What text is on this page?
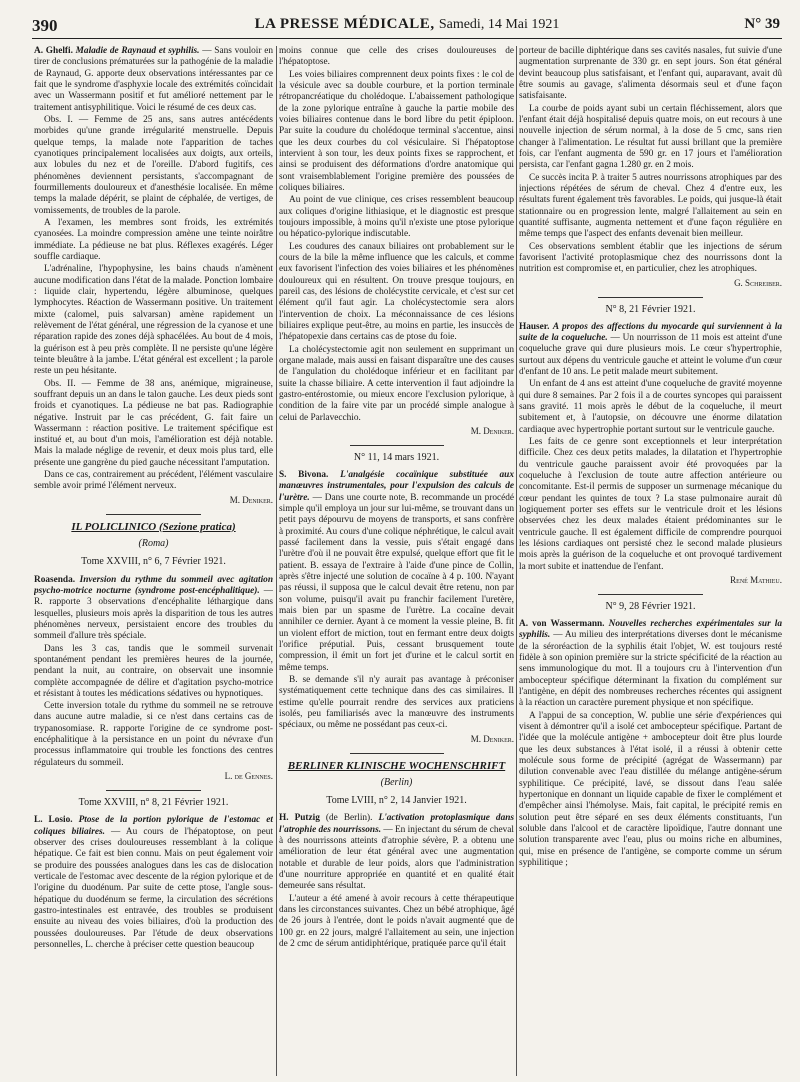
390	LA PRESSE MÉDICALE, Samedi, 14 Mai 1921	N° 39

A. Ghelfi. Maladie de Raynaud et syphilis. — Sans vouloir en tirer de conclusions prématurées sur la pathogénie de la maladie de Raynaud, G. apporte deux observations intéressantes par ce fait que le syndrome d'asphyxie locale des extrémités coïncidait avec un Wassermann positif et fut amélioré nettement par le traitement antisyphilitique. Voici le résumé de ces deux cas.

Obs. I. — Femme de 25 ans, sans autres antécédents morbides qu'une grande irrégularité menstruelle. Depuis quelque temps, la malade note l'apparition de taches cyanotiques principalement localisées aux doigts, aux orteils, aux lobules du nez et de l'oreille. D'abord fugitifs, ces phénomènes deviennent persistants, s'accompagnant de fourmillements douloureux et d'anesthésie localisée. En même temps la malade dépérit, se plaint de céphalée, de vertiges, de vomissements, de troubles de la parole.

A l'examen, les membres sont froids, les extrémités cyanosées. La moindre compression amène une teinte noirâtre immédiate. La pédieuse ne bat plus. Réflexes exagérés. Léger souffle cardiaque.

L'adrénaline, l'hypophysine, les bains chauds n'amènent aucune modification dans l'état de la malade. Ponction lombaire : liquide clair, hypertendu, légère albuminose, quelques lymphocytes. Réaction de Wassermann positive. Un traitement mixte (calomel, puis salvarsan) amène rapidement un relèvement de l'état général, une régression de la cyanose et une réparation rapide des zones déjà sphacélées. Au bout de 4 mois, la guérison est à peu près complète. Il ne persiste qu'une légère teinte bleuâtre à la jambe. L'état général est excellent ; la parole reste un peu hésitante.

Obs. II. — Femme de 38 ans, anémique, migraineuse, souffrant depuis un an dans le talon gauche. Les deux pieds sont froids et cyanotiques. La pédieuse ne bat pas. Radiographie négative. Instruit par le cas précédent, G. fait faire un Wassermann : réaction positive. Le traitement spécifique est institué et, au bout d'un mois, l'amélioration est déjà notable. Mais la malade néglige de revenir, et deux mois plus tard, elle présente une gangrène du pied gauche nécessitant l'amputation.

Dans ce cas, contrairement au précédent, l'élément vasculaire semble avoir primé l'élément nerveux.

M. Deniker.
IL POLICLINICO (Sezione pratica)
(Roma)
Tome XXVIII, n° 6, 7 Février 1921.

Roasenda. Inversion du rythme du sommeil avec agitation psycho-motrice nocturne (syndrome post-encéphalitique). — R. rapporte 3 observations d'encéphalite léthargique dans lesquelles, plusieurs mois après la disparition de tous les autres phénomènes nerveux, persistaient encore des troubles du sommeil d'allure très spéciale.

Dans les 3 cas, tandis que le sommeil survenait spontanément pendant les premières heures de la journée, pendant la nuit, au contraire, on observait une insomnie complète accompagnée de délire et d'agitation psycho-motrice et résistant à toutes les médications sédatives ou hypnotiques.

Cette inversion totale du rythme du sommeil ne se retrouve dans aucune autre maladie, si ce n'est dans certains cas de trypanosomiase. R. rapporte l'origine de ce syndrome post-encéphalitique à la persistance en un point du névraxe d'un processus inflammatoire qui trouble les fonctions des centres régulateurs du sommeil.

L. de Gennes.
Tome XXVIII, n° 8, 21 Février 1921.

L. Losio. Ptose de la portion pylorique de l'estomac et coliques biliaires. — Au cours de l'hépatoptose, on peut observer des crises douloureuses ressemblant à la colique hépatique. Ce fait est bien connu. Mais on peut également voir se produire des poussées analogues dans les cas de dislocation verticale de l'estomac avec descente de la région pylorique et de l'origine du duodénum. Par suite de cette ptose, l'angle sous-hépatique du duodénum se ferme, la circulation des sécrétions gastro-intestinales est entravée, des troubles se produisent ensuite au niveau des voies biliaires, d'où la production des poussées douloureuses. Par l'étude de deux observations personnelles, L. cherche à préciser cette question beaucoup

moins connue que celle des crises douloureuses de l'hépatoptose.

Les voies biliaires comprennent deux points fixes : le col de la vésicule avec sa double courbure, et la portion terminale rétropancréatique du cholédoque. L'abaissement pathologique de la zone pylorique entraîne à gauche la partie mobile des voies biliaires contenue dans le bord libre du petit épiploon. Par suite la coudure du cholédoque terminal s'accentue, ainsi que les deux courbes du col vésiculaire. Si l'hépatoptose intervient à son tour, les deux points fixes se rapprochent, et ainsi se produisent des déformations d'ordre anatomique qui sont vraisemblablement l'origine première des poussées de coliques biliaires.

Au point de vue clinique, ces crises ressemblent beaucoup aux coliques d'origine lithiasique, et le diagnostic est presque toujours impossible, à moins qu'il n'existe une ptose pylorique ou hépatico-pylorique indiscutable.

Les coudures des canaux biliaires ont probablement sur le cours de la bile la même influence que les calculs, et comme eux favorisent l'infection des voies biliaires et les phénomènes douloureux qui en résultent. On trouve presque toujours, en pareil cas, des lésions de cholécystite cervicale, et c'est sur cet élément qu'il faut agir. La cholécystectomie sera alors l'intervention de choix. La méconnaissance de ces lésions biliaires explique peut-être, au moins en partie, les insuccès de l'hépatopexie dans certains cas de ptose du foie.

La cholécystectomie agit non seulement en supprimant un organe malade, mais aussi en faisant disparaître une des causes de l'angulation du cholédoque inférieur et en facilitant par suite la chasse biliaire. A cette intervention il faut adjoindre la gastro-entérostomie, ou mieux encore l'exclusion pylorique, à condition de la faire vite par un procédé simple analogue à celui de Parlavecchio.

M. Deniker.
N° 11, 14 mars 1921.

S. Bivona. L'analgésie cocaïnique substituée aux manœuvres instrumentales, pour l'expulsion des calculs de l'urètre. — Dans une courte note, B. recommande un procédé simple qu'il employa un jour sur lui-même, se trouvant dans un petit pays dépourvu de moyens de transports, et sans confrère à proximité. Au cours d'une colique néphrétique, le calcul avait passé facilement dans la vessie, puis s'était engagé dans l'urètre d'où il ne pouvait être expulsé, quelque effort que fit le patient. B. essaya de l'extraire à l'aide d'une pince de Collin, après s'être injecté une solution de cocaïne à 4 p. 100. N'ayant pas réussi, il supposa que le calcul devait être retenu, non par son volume, puisqu'il avait pu franchir facilement l'uretère, mais bien par un spasme de l'urètre. La cocaïne devait annihiler ce dernier. Ayant à ce moment la vessie pleine, B. fit un violent effort de miction, tout en fermant entre deux doigts l'orifice préputial. Puis, cessant brusquement toute compression, il émit un fort jet d'urine et le calcul sortit en même temps.

B. se demande s'il n'y aurait pas avantage à préconiser systématiquement cette technique dans des cas similaires. Il estime qu'elle pourrait rendre des services aux praticiens isolés, peu familiarisés avec la manœuvre des instruments spéciaux, ou même ne possédant pas ceux-ci.

M. Deniker.
BERLINER KLINISCHE WOCHENSCHRIFT
(Berlin)
Tome LVIII, n° 2, 14 Janvier 1921.

H. Putzig (de Berlin). L'activation protoplasmique dans l'atrophie des nourrissons. — En injectant du sérum de cheval à des nourrissons atteints d'atrophie sévère, P. a obtenu une amélioration de leur état général avec une augmentation notable et durable de leur poids, alors que l'administration d'une nourriture appropriée en quantité et en qualité était demeurée sans résultat.

L'auteur a été amené à avoir recours à cette thérapeutique dans les circonstances suivantes. Chez un bébé atrophique, âgé de 26 jours à l'entrée, dont le poids n'avait augmenté que de 100 gr. en 22 jours, malgré l'allaitement au sein, une injection de 2 cmc de sérum antidiphtérique, pratiquée parce qu'il était

porteur de bacille diphtérique dans ses cavités nasales, fut suivie d'une augmentation surprenante de 330 gr. en sept jours. Son état général devint beaucoup plus satisfaisant, et l'enfant qui, auparavant, avait dû être soumis au gavage, s'alimenta désormais seul et d'une façon satisfaisante.

La courbe de poids ayant subi un certain fléchissement, alors que l'enfant était déjà hospitalisé depuis quatre mois, on eut recours à une nouvelle injection de sérum normal, à la dose de 5 cmc, sans rien changer à l'alimentation. Le résultat fut aussi brillant que la première fois, car l'enfant augmenta de 590 gr. en 17 jours et l'amélioration persista, car l'enfant gagna 1.280 gr. en 2 mois.

Ce succès incita P. à traiter 5 autres nourrissons atrophiques par des injections répétées de sérum de cheval. Chez 4 d'entre eux, les résultats furent également très favorables. Le poids, qui jusque-là était stationnaire ou en progression lente, malgré l'allaitement au sein en quantité suffisante, augmenta nettement et d'une façon régulière en même temps que l'aspect des enfants devenait bien meilleur.

Ces observations semblent établir que les injections de sérum favorisent l'activité protoplasmique chez des nourrissons dont la nutrition est compromise et, en particulier, chez les atrophiques.

G. Schreiber.
N° 8, 21 Février 1921.

Hauser. A propos des affections du myocarde qui surviennent à la suite de la coqueluche. — Un nourrisson de 11 mois est atteint d'une coqueluche grave qui dure plusieurs mois. Le cœur s'hypertrophie, surtout aux dépens du ventricule gauche et atteint le volume d'un cœur d'enfant de 10 ans. Le petit malade meurt subitement.

Un enfant de 4 ans est atteint d'une coqueluche de gravité moyenne qui dure 8 semaines. Par 2 fois il a de courtes syncopes qui paraissent sans gravité. 11 mois après le début de la coqueluche, il meurt subitement et, à l'autopsie, on découvre une énorme dilatation cardiaque avec hypertrophie portant surtout sur le ventricule gauche.

Les faits de ce genre sont exceptionnels et leur interprétation difficile. Chez ces deux petits malades, la dilatation et l'hypertrophie du ventricule gauche paraissent avoir été provoquées par la coqueluche à l'exclusion de toute autre affection antérieure ou concomitante. Est-il permis de supposer un surmenage mécanique du cœur pendant les quintes de toux ? La stase pulmonaire aurait dû logiquement porter ses effets sur le ventricule droit et les lésions observées chez les deux malades étaient prédominantes sur le ventricule gauche. Il est également difficile de comprendre pourquoi les lésions cardiaques ont persisté chez le second malade plusieurs mois après la guérison de la coqueluche et ont provoqué tardivement la mort subite et inattendue de l'enfant.

René Mathieu.
N° 9, 28 Février 1921.

A. von Wassermann. Nouvelles recherches expérimentales sur la syphilis. — Au milieu des interprétations diverses dont le mécanisme de la séroréaction de la syphilis était l'objet, W. est toujours resté fidèle à son opinion première sur la stricte spécificité de la réaction au sens immunologique du mot. Il a toujours cru à l'intervention d'un ambocepteur spécifique déterminant la fixation du complément sur l'antigène, en dépit des nombreuses recherches récentes qui assignent à la réaction un caractère purement physique et non spécifique.

A l'appui de sa conception, W. publie une série d'expériences qui visent à démontrer qu'il a isolé cet ambocepteur spécifique. Partant de l'idée que la molécule antigène + ambocepteur doit être plus lourde que les deux substances à l'état isolé, il a réussi à obtenir cette molécule sous forme de précipité (agrégat de Wassermann) par dilution convenable avec l'eau distillée du mélange antigène-sérum syphilitique. Ce précipité, lavé, se dissout dans l'eau salée hypertonique en donnant un liquide capable de fixer le complément et d'empêcher ainsi l'hémolyse. Mais, fait capital, le précipité remis en solution peut être séparé en ses deux éléments constituants, l'un soluble dans l'alcool et de caractère lipoïdique, l'autre donnant une solution transparente avec l'eau, plus ou moins riche en albumines, qui, mise en présence de l'antigène, se comporte comme un sérum syphilitique ;
